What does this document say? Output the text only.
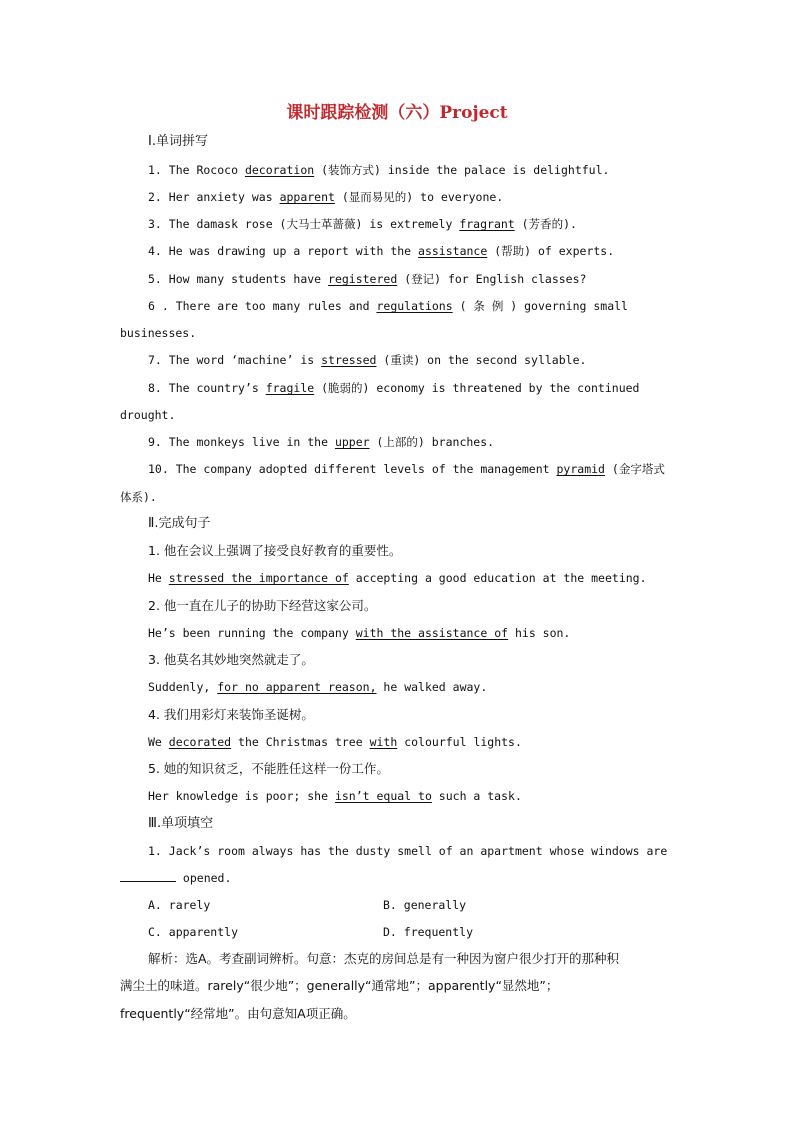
课时跟踪检测（六）Project
Ⅰ.单词拼写
1. The Rococo decoration (装饰方式) inside the palace is delightful.
2. Her anxiety was apparent (显而易见的) to everyone.
3. The damask rose (大马士革蔷薇) is extremely fragrant (芳香的).
4. He was drawing up a report with the assistance (帮助) of experts.
5. How many students have registered (登记) for English classes?
6 . There are too many rules and regulations ( 条 例 ) governing small
businesses.
7. The word ‘machine’ is stressed (重读) on the second syllable.
8. The country’s fragile (脆弱的) economy is threatened by the continued
drought.
9. The monkeys live in the upper (上部的) branches.
10. The company adopted different levels of the management pyramid (金字塔式
体系).
Ⅱ.完成句子
1. 他在会议上强调了接受良好教育的重要性。
He stressed the importance of accepting a good education at the meeting.
2. 他一直在儿子的协助下经营这家公司。
He’s been running the company with the assistance of his son.
3. 他莫名其妙地突然就走了。
Suddenly, for no apparent reason, he walked away.
4. 我们用彩灯来装饰圣诞树。
We decorated the Christmas tree with colourful lights.
5. 她的知识贫乏，不能胜任这样一份工作。
Her knowledge is poor; she isn’t equal to such a task.
Ⅲ.单项填空
1. Jack’s room always has the dusty smell of an apartment whose windows are
opened.
A. rarely	B. generally
C. apparently	D. frequently
解析：选A。考查副词辨析。句意：杰克的房间总是有一种因为窗户很少打开的那种积
满尘土的味道。rarely“很少地”；generally“通常地”；apparently“显然地”；
frequently“经常地”。由句意知A项正确。
